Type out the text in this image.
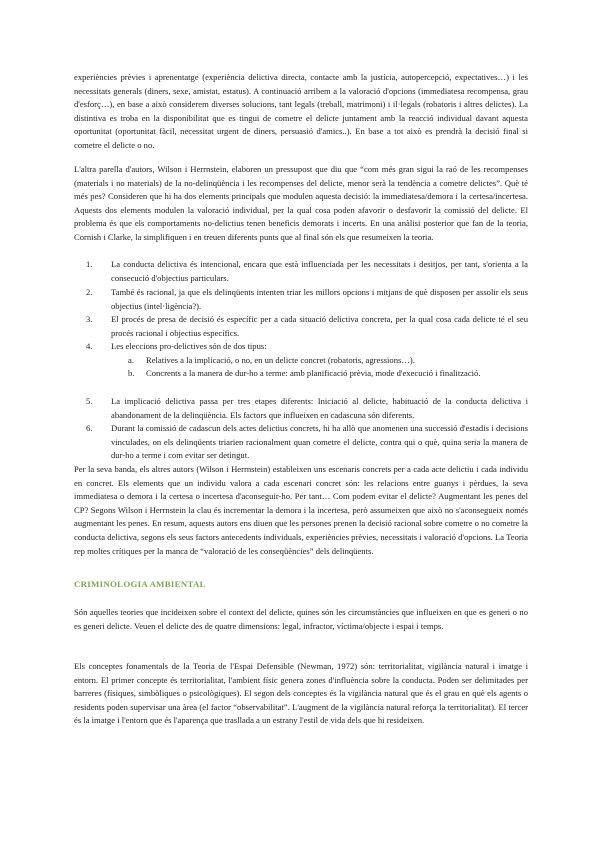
experiències prèvies i aprenentatge (experiència delictiva directa, contacte amb la justícia, autopercepció, expectatives…) i les necessitats generals (diners, sexe, amistat, estatus). A continuació arribem a la valoració d'opcions (immediatesa recompensa, grau d'esforç…), en base a això considerem diverses solucions, tant legals (treball, matrimoni) i il·legals (robatoris i altres delictes). La distintiva es troba en la disponibilitat que es tingui de cometre el delicte juntament amb la reacció individual davant aquesta oportunitat (oportunitat fàcil, necessitat urgent de diners, persuasió d'amics..). En base a tot això es prendrà la decisió final si cometre el delicte o no.

L'altra parella d'autors, Wilson i Herrnstein, elaboren un pressupost que diu que “com més gran sigui la raó de les recompenses (materials i no materials) de la no-delinqüència i les recompenses del delicte, menor serà la tendència a cometre delictes”. Què té més pes? Consideren que hi ha dos elements principals que modulen aquesta decisió: la immediatesa/demora i la certesa/incertesa. Aquests dos elements modulen la valoració individual, per la qual cosa poden afavorir o desfavorir la comissió del delicte. El problema és que els comportaments no-delictius tenen beneficis demorats i incerts. En una anàlisi posterior que fan de la teoria, Cornish i Clarke, la simplifiquen i en treuen diferents punts que al final són els que resumeixen la teoria.

1.	La conducta delictiva és intencional, encara que està influenciada per les necessitats i desitjos, per tant, s'orienta a la consecució d'objectius particulars.

2.	També és racional, ja que els delinqüents intenten triar les millors opcions i mitjans de què disposen per assolir els seus objectius (intel·ligència?).

3.	El procés de presa de decisió és específic per a cada situació delictiva concreta, per la qual cosa cada delicte té el seu procés racional i objectius específics.

4.	Les eleccions pro-delictives són de dos tipus:

a.	Relatives a la implicació, o no, en un delicte concret (robatoris, agressions…).

b.	Concrents a la manera de dur-ho a terme: amb planificació prèvia, mode d'execució i finalització.

5.	La implicació delictiva passa per tres etapes diferents: Iniciació al delicte, habituació de la conducta delictiva i abandonament de la delinqüència. Els factors que influeixen en cadascuna són diferents.

6.	Durant la comissió de cadascun dels actes delictius concrets, hi ha allò que anomenen una successió d'estadis i decisions vinculades, on els delinqüents triarien racionalment quan cometre el delicte, contra qui o què, quina seria la manera de dur-ho a terme i com evitar ser detingut.

Per la seva banda, els altres autors (Wilson i Herrnstein) estableixen uns escenaris concrets per a cada acte delictiu i cada individu en concret. Els elements que un individu valora a cada escenari concret són: les relacions entre guanys i pèrdues, la seva immediatesa o demora i la certesa o incertesa d'aconseguir-ho. Per tant… Com podem evitar el delicte? Augmentant les penes del CP? Segons Wilson i Herrnstein la clau és incrementar la demora i la incertesa, però assumeixen que això no s'aconsegueix només augmentant les penes. En resum, aquests autors ens diuen que les persones prenen la decisió racional sobre cometre o no cometre la conducta delictiva, segons els seus factors antecedents individuals, experiències prèvies, necessitats i valoració d'opcions. La Teoria rep moltes crítiques per la manca de “valoració de les conseqüències” dels delinqüents.

CRIMINOLOGIA AMBIENTAL

Són aquelles teories que incideixen sobre el context del delicte, quines són les circumstàncies que influeixen en que es generi o no es generi delicte. Veuen el delicte des de quatre dimensions: legal, infractor, víctima/objecte i espai i temps.

Els conceptes fonamentals de la Teoria de l'Espai Defensible (Newman, 1972) són: territorialitat, vigilància natural i imatge i entorn. El primer concepte és territorialitat, l'ambient físic genera zones d'influència sobre la conducta. Poden ser delimitades per barreres (físiques, simbòliques o psicològiques). El segon dels conceptes és la vigilància natural que és el grau en què els agents o residents poden supervisar una àrea (el factor “observabilitat”. L'augment de la vigilància natural reforça la territorialitat). El tercer és la imatge i l'entorn que és l'aparença que trasllada a un estrany l'estil de vida dels que hi resideixen.
